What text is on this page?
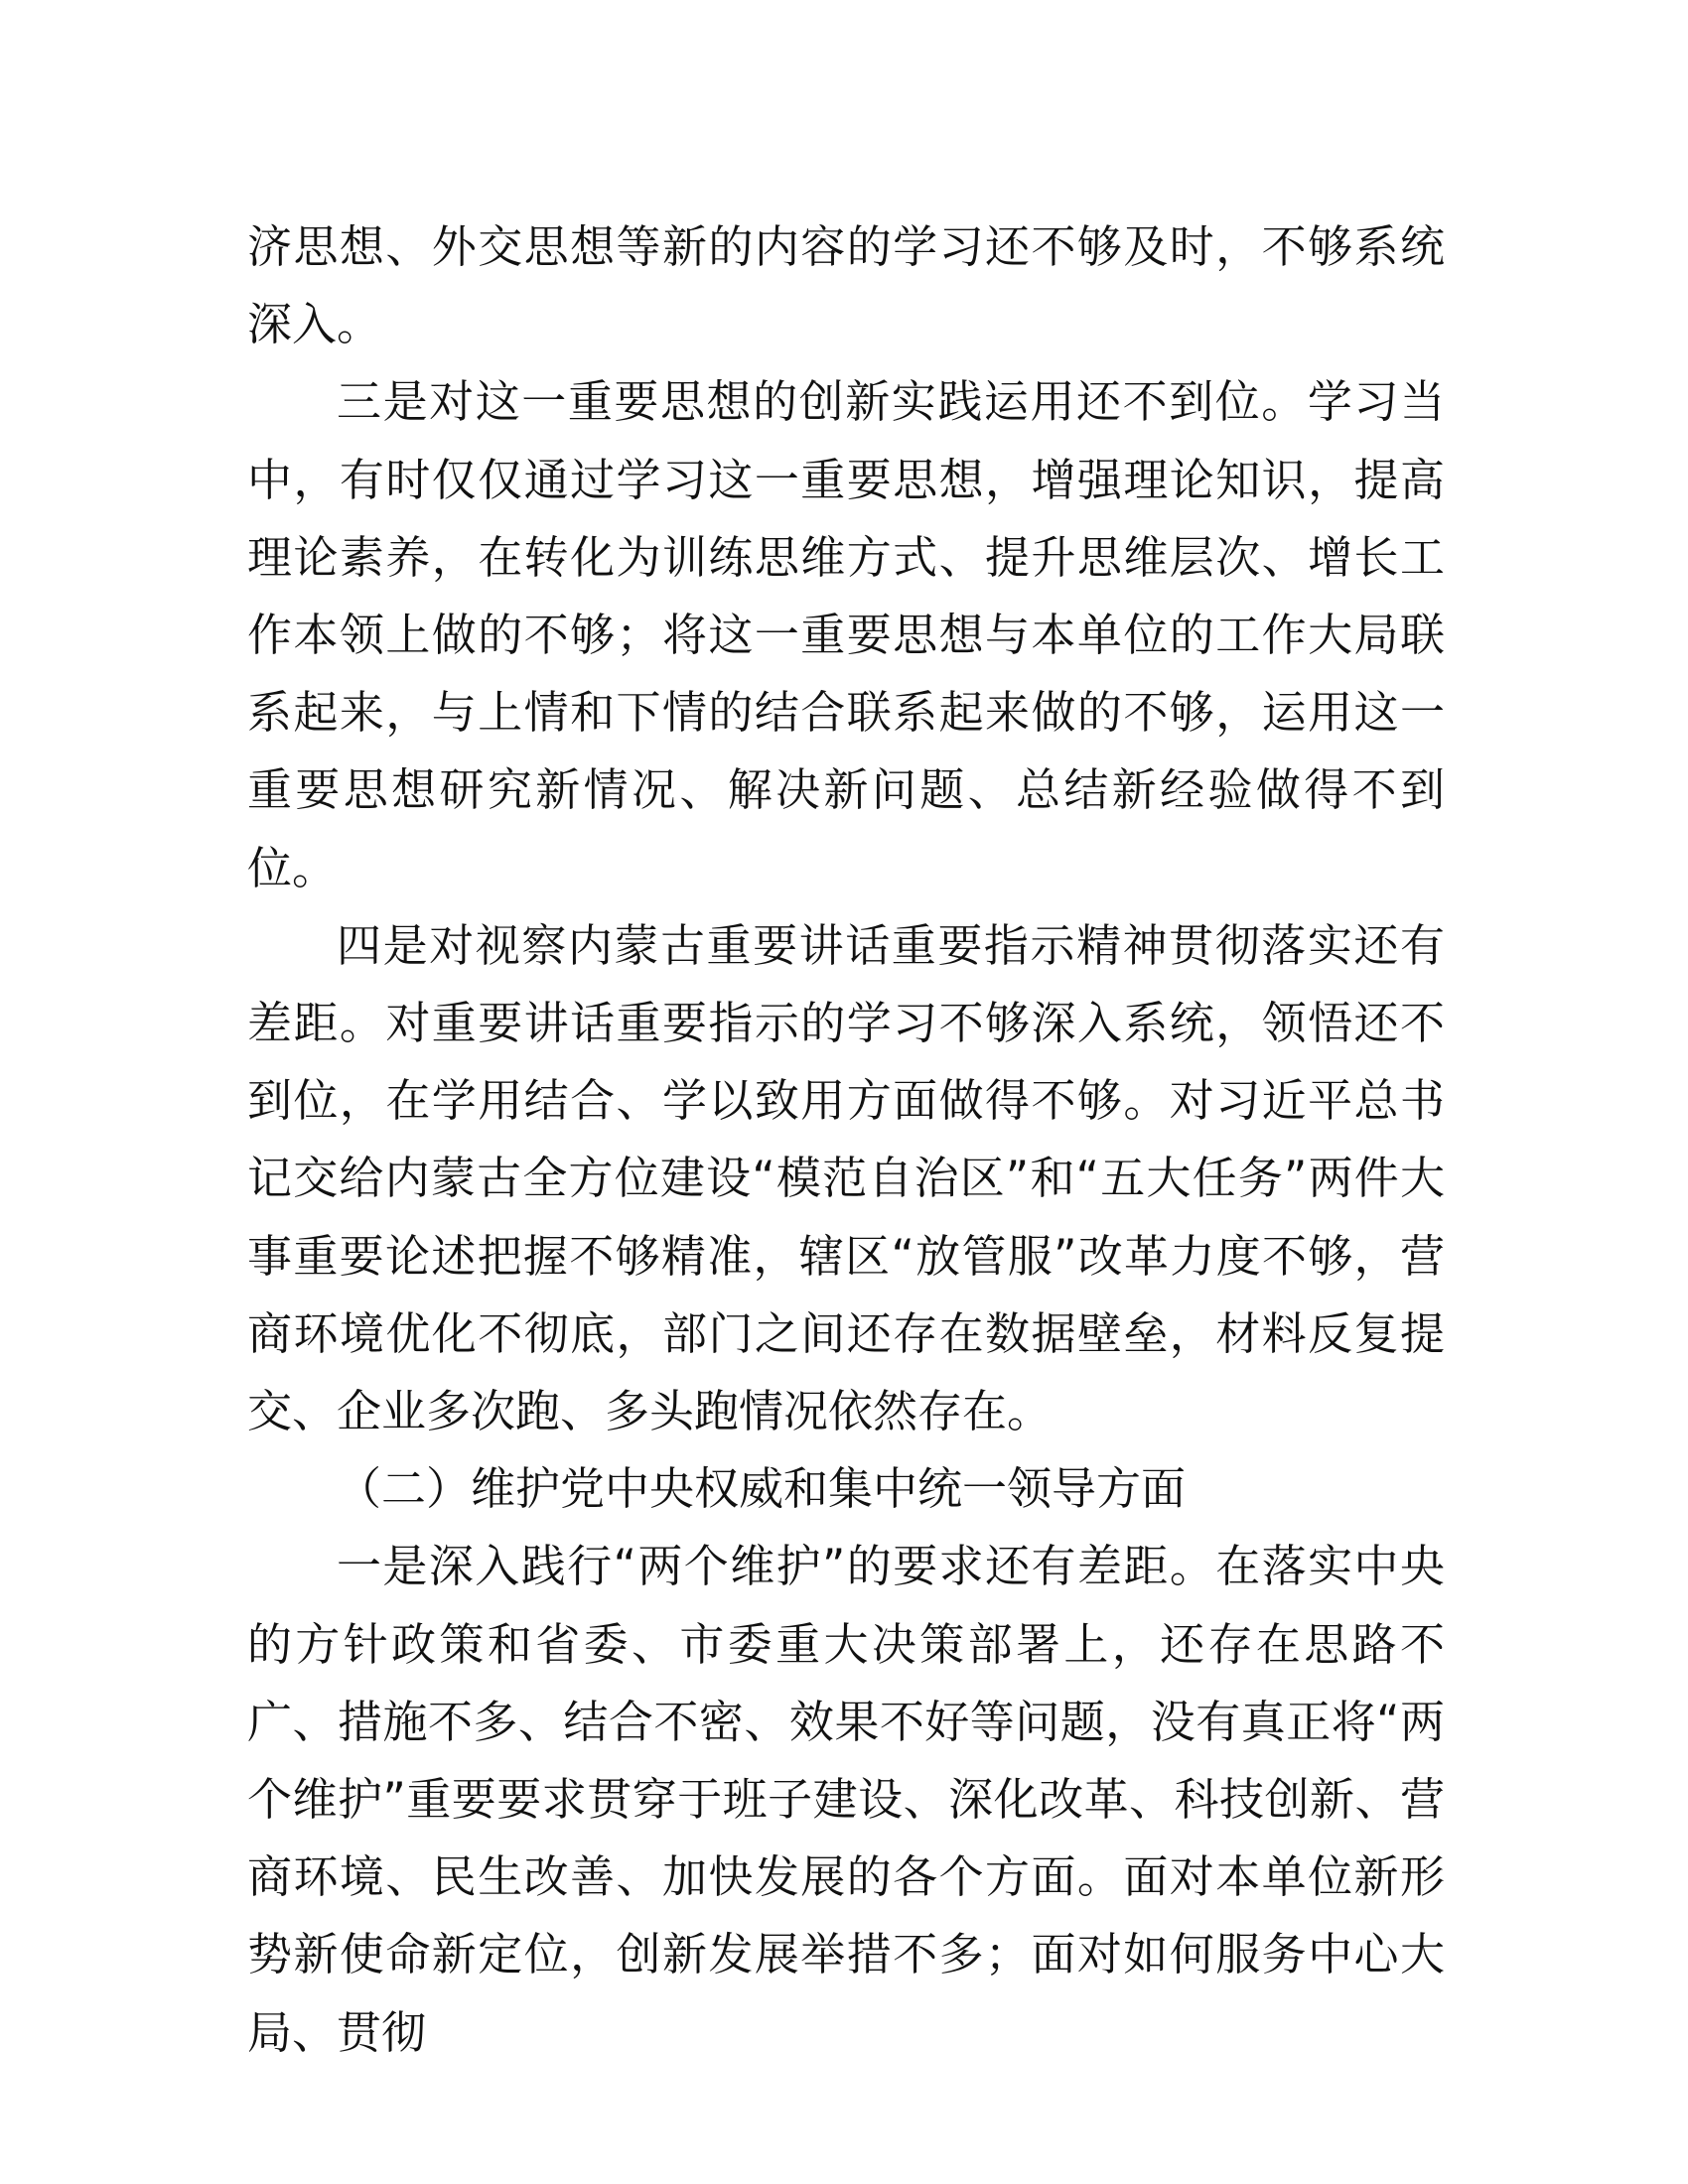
济思想、外交思想等新的内容的学习还不够及时，不够系统深入。

三是对这一重要思想的创新实践运用还不到位。学习当中，有时仅仅通过学习这一重要思想，增强理论知识，提高理论素养，在转化为训练思维方式、提升思维层次、增长工作本领上做的不够；将这一重要思想与本单位的工作大局联系起来，与上情和下情的结合联系起来做的不够，运用这一重要思想研究新情况、解决新问题、总结新经验做得不到位。

四是对视察内蒙古重要讲话重要指示精神贯彻落实还有差距。对重要讲话重要指示的学习不够深入系统，领悟还不到位，在学用结合、学以致用方面做得不够。对习近平总书记交给内蒙古全方位建设“模范自治区”和“五大任务”两件大事重要论述把握不够精准，辖区“放管服”改革力度不够，营商环境优化不彻底，部门之间还存在数据壁垒，材料反复提交、企业多次跑、多头跑情况依然存在。

（二）维护党中央权威和集中统一领导方面

一是深入践行“两个维护”的要求还有差距。在落实中央的方针政策和省委、市委重大决策部署上，还存在思路不广、措施不多、结合不密、效果不好等问题，没有真正将“两个维护”重要要求贯穿于班子建设、深化改革、科技创新、营商环境、民生改善、加快发展的各个方面。面对本单位新形势新使命新定位，创新发展举措不多；面对如何服务中心大局、贯彻
